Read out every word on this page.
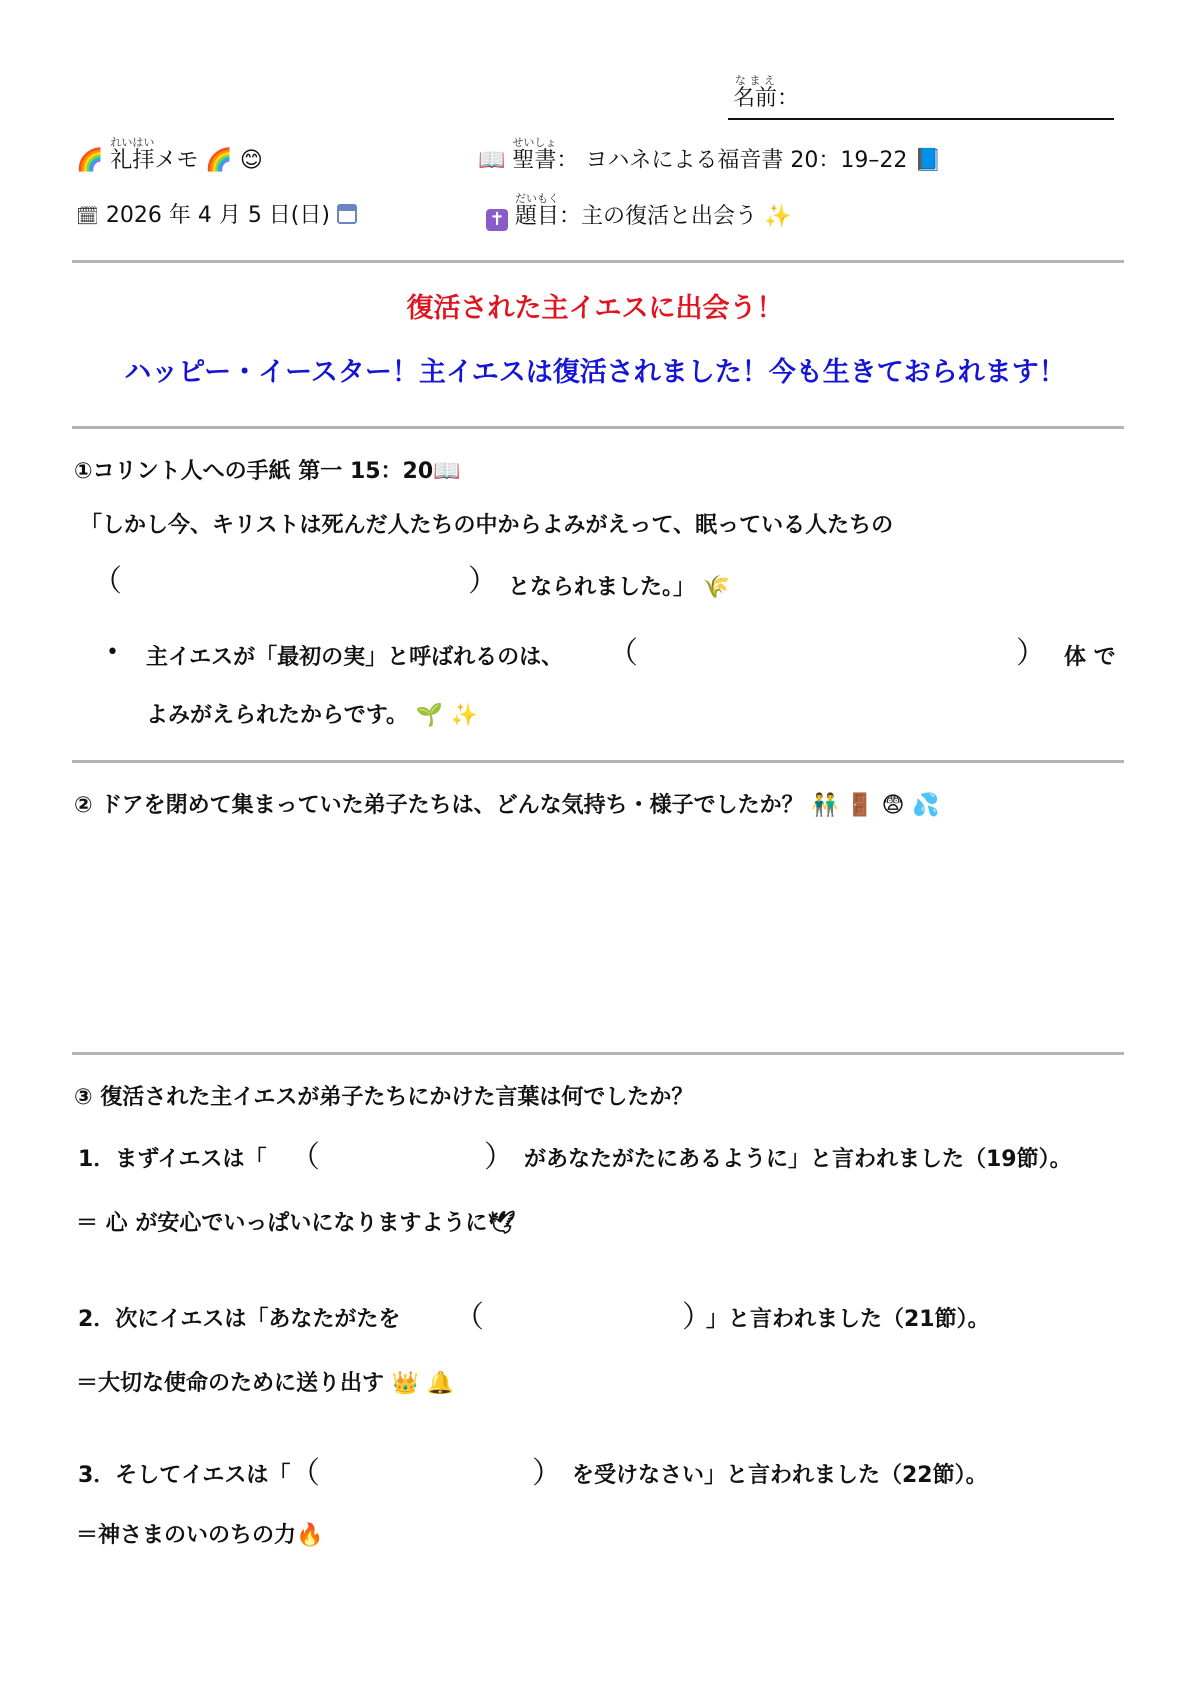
名前なまえ：
🌈 礼拝れいはいメモ 🌈 😊	📖 聖書せいしょ： ヨハネによる福音書 20：19–22 📘
🗓 2026 年 4 月 5 日(日)	✝ 題目だいもく：主の復活と出会う ✨
復活された主イエスに出会う！
ハッピー・イースター！主イエスは復活されました！今も生きておられます！
①コリント人への手紙 第一 15：20📖
「しかし今、キリストは死んだ人たちの中からよみがえって、眠っている人たちの
（	） となられました。」 🌾
• 主イエスが「最初の実」と呼ばれるのは、 （	） 体 で
よみがえられたからです。 🌱 ✨
② ドアを閉めて集まっていた弟子たちは、どんな気持ち・様子でしたか？ 👬 🚪 😨 💦
③ 復活された主イエスが弟子たちにかけた言葉は何でしたか？
1．まずイエスは「 （	） があなたがたにあるように」と言われました（19節）。
＝ 心 が安心でいっぱいになりますように🕊
2．次にイエスは「あなたがたを （	）
」と言われました（21節）。
＝大切な使命のために送り出す 👑 🔔
3．そしてイエスは「 （	） を受けなさい」と言われました（22節）。
＝神さまのいのちの力🔥
